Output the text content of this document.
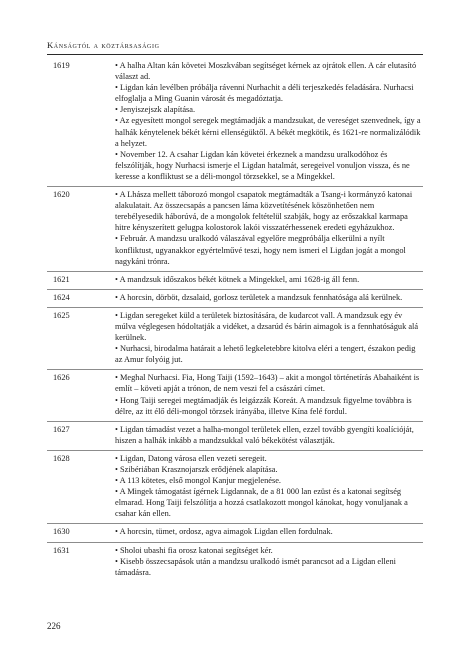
Kánságtól a köztársaságig
1619	• A halha Altan kán követei Moszkvában segítséget kérnek az ojrátok ellen. A cár elutasító választ ad.
• Ligdan kán levélben próbálja rávenni Nurhachit a déli terjeszkedés feladására. Nurhacsi elfoglalja a Ming Guanin városát és megadóztatja.
• Jenyiszejszk alapítása.
• Az egyesített mongol seregek megtámadják a mandzsukat, de vereséget szenvednek, így a halhák kénytelenek békét kérni ellenségüktől. A békét megkötik, és 1621-re normalizálódik a helyzet.
• November 12. A csahar Ligdan kán követei érkeznek a mandzsu uralkodóhoz és felszólítják, hogy Nurhacsi ismerje el Ligdan hatalmát, seregeivel vonuljon vissza, és ne keresse a konfliktust se a déli-mongol törzsekkel, se a Mingekkel.

1620	• A Lhásza mellett táborozó mongol csapatok megtámadták a Tsang-i kormányzó katonai alakulatait. Az összecsapás a pancsen láma közvetítésének köszönhetően nem terebélyesedik háborúvá, de a mongolok feltételül szabják, hogy az erőszakkal karmapa hitre kényszerített gelugpa kolostorok lakói visszatérhessenek eredeti egyházukhoz.
• Február. A mandzsu uralkodó válaszával egyelőre megpróbálja elkerülni a nyílt konfliktust, ugyanakkor egyértelművé teszi, hogy nem ismeri el Ligdan jogát a mongol nagykáni trónra.

1621	• A mandzsuk időszakos békét kötnek a Mingekkel, ami 1628-ig áll fenn.

1624	• A horcsin, dörböt, dzsalaid, gorlosz területek a mandzsuk fennhatósága alá kerülnek.

1625	• Ligdan seregeket küld a területek biztosítására, de kudarcot vall. A mandzsuk egy év múlva véglegesen hódoltatják a vidéket, a dzsarúd és bárin aimagok is a fennhatóságuk alá kerülnek.
• Nurhacsi, birodalma határait a lehető legkeletebbre kitolva eléri a tengert, északon pedig az Amur folyóig jut.

1626	• Meghal Nurhacsi. Fia, Hong Taiji (1592–1643) – akit a mongol történetírás Abahaiként is említ – követi apját a trónon, de nem veszi fel a császári címet.
• Hong Taiji seregei megtámadják és leigázzák Koreát. A mandzsuk figyelme továbbra is délre, az itt élő déli-mongol törzsek irányába, illetve Kína felé fordul.

1627	• Ligdan támadást vezet a halha-mongol területek ellen, ezzel tovább gyengíti koalícióját, hiszen a halhák inkább a mandzsukkal való békekötést választják.

1628	• Ligdan, Datong városa ellen vezeti seregeit.
• Szibériában Krasznojarszk erődjének alapítása.
• A 113 kötetes, első mongol Kanjur megjelenése.
• A Mingek támogatást ígérnek Ligdannak, de a 81 000 lan ezüst és a katonai segítség elmarad. Hong Taiji felszólítja a hozzá csatlakozott mongol kánokat, hogy vonuljanak a csahar kán ellen.

1630	• A horcsin, tümet, ordosz, agva aimagok Ligdan ellen fordulnak.

1631	• Sholoi ubashi fia orosz katonai segítséget kér.
• Kisebb összecsapások után a mandzsu uralkodó ismét parancsot ad a Ligdan elleni támadásra.
226
